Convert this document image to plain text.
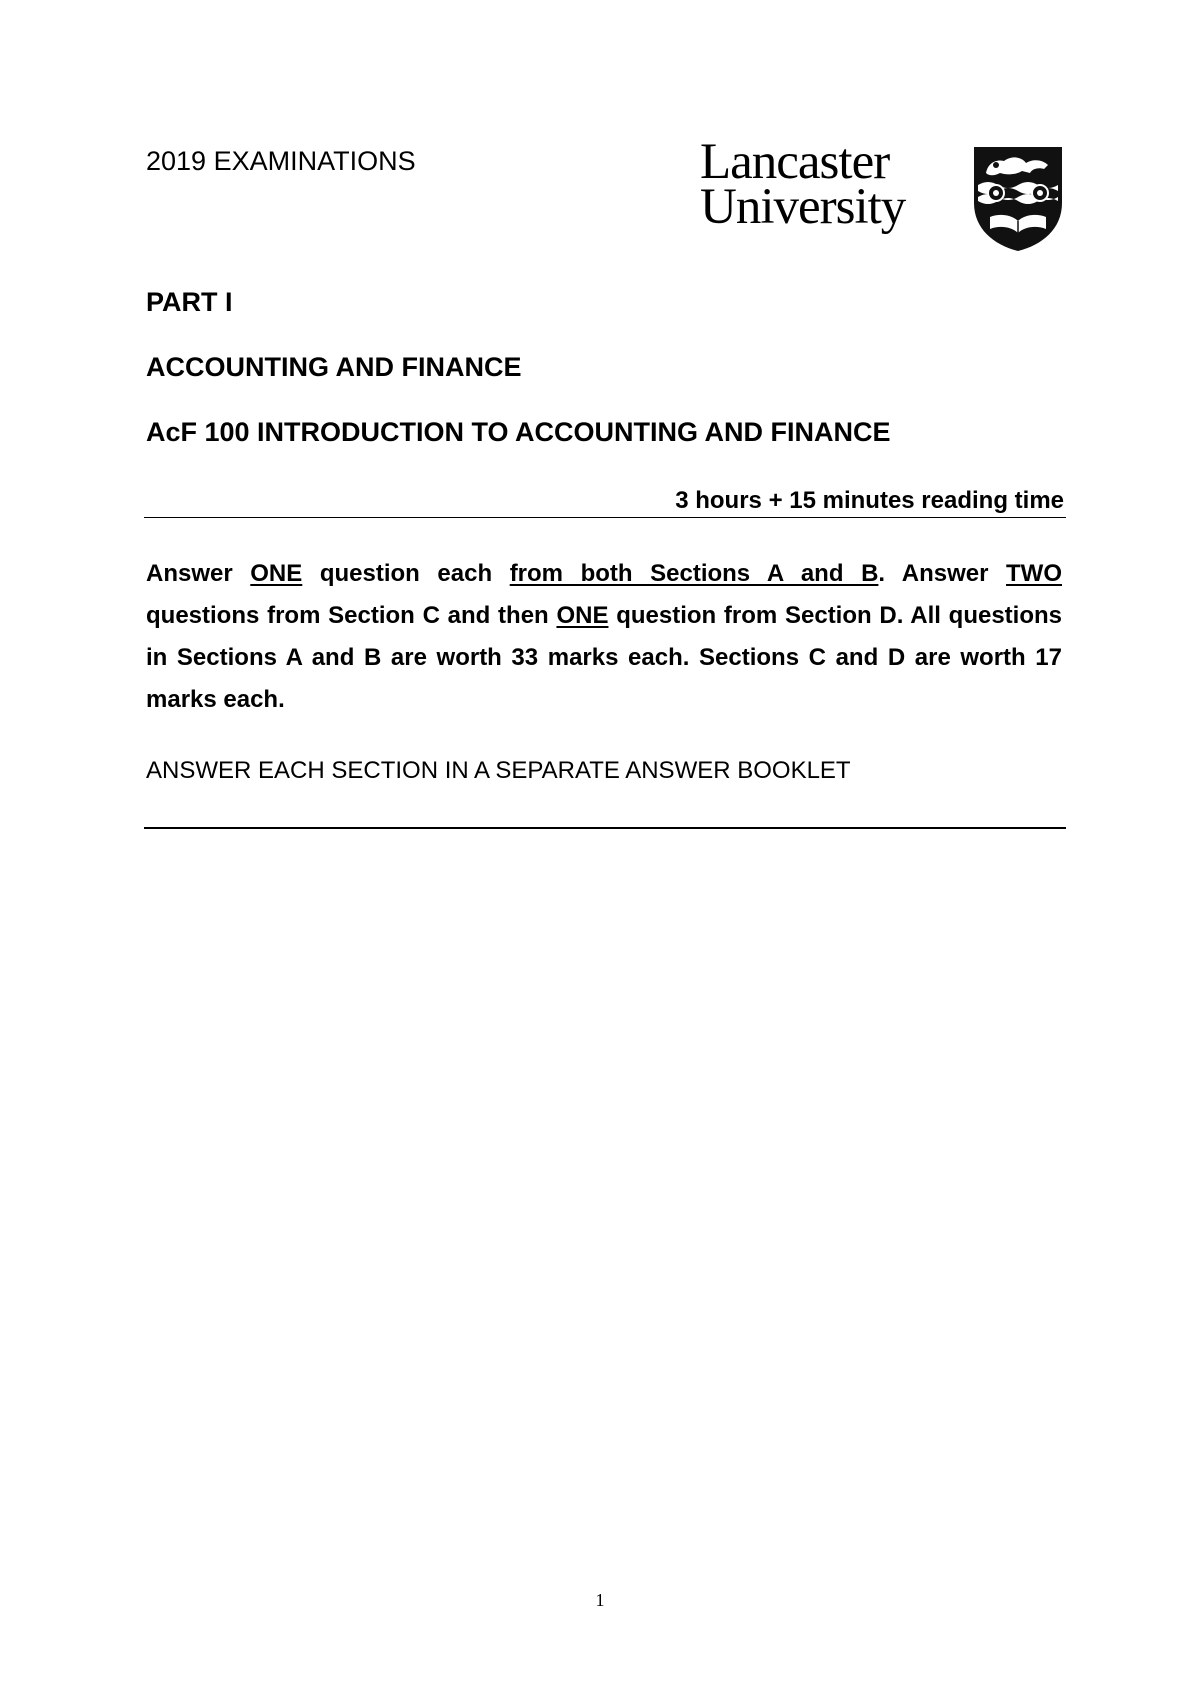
2019 EXAMINATIONS	Lancaster
University
PART I
ACCOUNTING AND FINANCE
AcF 100 INTRODUCTION TO ACCOUNTING AND FINANCE
3 hours + 15 minutes reading time
Answer ONE question each from both Sections A and B. Answer TWO questions from Section C and then ONE question from Section D. All questions in Sections A and B are worth 33 marks each. Sections C and D are worth 17 marks each.
ANSWER EACH SECTION IN A SEPARATE ANSWER BOOKLET
1
